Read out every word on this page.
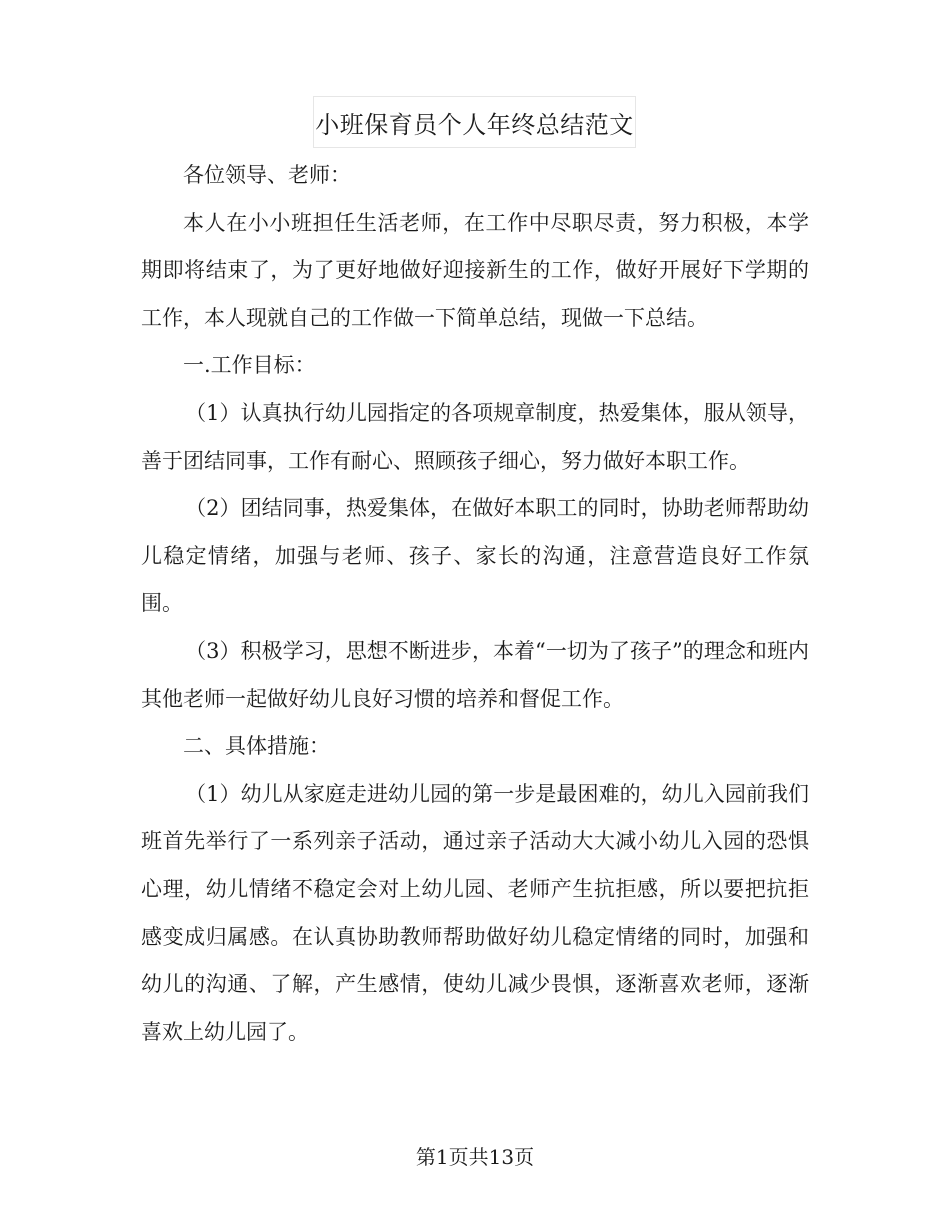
小班保育员个人年终总结范文

各位领导、老师：

本人在小小班担任生活老师，在工作中尽职尽责，努力积极，本学期即将结束了，为了更好地做好迎接新生的工作，做好开展好下学期的工作，本人现就自己的工作做一下简单总结，现做一下总结。

一.工作目标：

（1）认真执行幼儿园指定的各项规章制度，热爱集体，服从领导，善于团结同事，工作有耐心、照顾孩子细心，努力做好本职工作。

（2）团结同事，热爱集体，在做好本职工的同时，协助老师帮助幼儿稳定情绪，加强与老师、孩子、家长的沟通，注意营造良好工作氛围。

（3）积极学习，思想不断进步，本着“一切为了孩子”的理念和班内其他老师一起做好幼儿良好习惯的培养和督促工作。

二、具体措施：

（1）幼儿从家庭走进幼儿园的第一步是最困难的，幼儿入园前我们班首先举行了一系列亲子活动，通过亲子活动大大减小幼儿入园的恐惧心理，幼儿情绪不稳定会对上幼儿园、老师产生抗拒感，所以要把抗拒感变成归属感。在认真协助教师帮助做好幼儿稳定情绪的同时，加强和幼儿的沟通、了解，产生感情，使幼儿减少畏惧，逐渐喜欢老师，逐渐喜欢上幼儿园了。

第1页共13页
